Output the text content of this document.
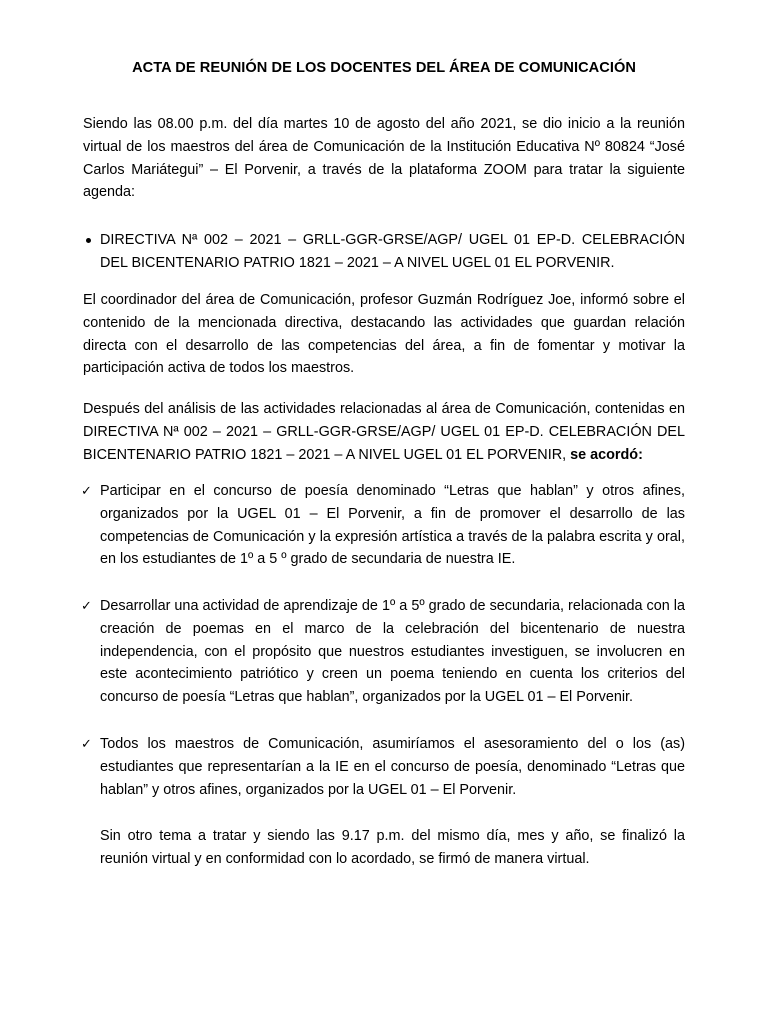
ACTA DE REUNIÓN DE LOS DOCENTES DEL ÁREA DE COMUNICACIÓN
Siendo las 08.00 p.m. del día martes 10 de agosto del año 2021, se dio inicio a la reunión virtual de los maestros del área de Comunicación de la Institución Educativa Nº 80824 “José Carlos Mariátegui” – El Porvenir, a través de la plataforma ZOOM para tratar la siguiente agenda:
DIRECTIVA Nª 002 – 2021 – GRLL-GGR-GRSE/AGP/ UGEL 01 EP-D. CELEBRACIÓN DEL BICENTENARIO PATRIO 1821 – 2021 – A NIVEL UGEL 01 EL PORVENIR.
El coordinador del área de Comunicación, profesor Guzmán Rodríguez Joe, informó sobre el contenido de la mencionada directiva, destacando las actividades que guardan relación directa con el desarrollo de las competencias del área, a fin de fomentar y motivar la participación activa de todos los maestros.
Después del análisis de las actividades relacionadas al área de Comunicación, contenidas en DIRECTIVA Nª 002 – 2021 – GRLL-GGR-GRSE/AGP/ UGEL 01 EP-D. CELEBRACIÓN DEL BICENTENARIO PATRIO 1821 – 2021 – A NIVEL UGEL 01 EL PORVENIR, se acordó:
✓ Participar en el concurso de poesía denominado “Letras que hablan” y otros afines, organizados por la UGEL 01 – El Porvenir, a fin de promover el desarrollo de las competencias de Comunicación y la expresión artística a través de la palabra escrita y oral, en los estudiantes de 1º a 5 º grado de secundaria de nuestra IE.
✓ Desarrollar una actividad de aprendizaje de 1º a 5º grado de secundaria, relacionada con la creación de poemas en el marco de la celebración del bicentenario de nuestra independencia, con el propósito que nuestros estudiantes investiguen, se involucren en este acontecimiento patriótico y creen un poema teniendo en cuenta los criterios del concurso de poesía “Letras que hablan”, organizados por la UGEL 01 – El Porvenir.
✓ Todos los maestros de Comunicación, asumiríamos el asesoramiento del o los (as) estudiantes que representarían a la IE en el concurso de poesía, denominado “Letras que hablan” y otros afines, organizados por la UGEL 01 – El Porvenir.
Sin otro tema a tratar y siendo las 9.17 p.m. del mismo día, mes y año, se finalizó la reunión virtual y en conformidad con lo acordado, se firmó de manera virtual.
